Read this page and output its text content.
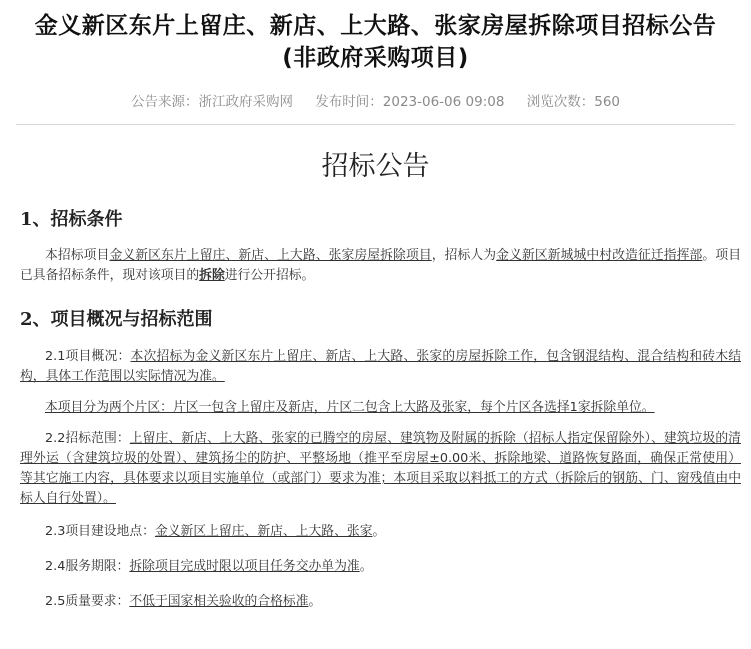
金义新区东片上留庄、新店、上大路、张家房屋拆除项目招标公告
(非政府采购项目)
公告来源：浙江政府采购网 发布时间：2023-06-06 09:08 浏览次数：560
招标公告
1、招标条件

本招标项目金义新区东片上留庄、新店、上大路、张家房屋拆除项目，招标人为金义新区新城城中村改造征迁指挥部。项目已具备招标条件，现对该项目的拆除进行公开招标。

2、项目概况与招标范围

2.1项目概况：本次招标为金义新区东片上留庄、新店、上大路、张家的房屋拆除工作，包含钢混结构、混合结构和砖木结构，具体工作范围以实际情况为准。

本项目分为两个片区：片区一包含上留庄及新店，片区二包含上大路及张家，每个片区各选择1家拆除单位。

2.2招标范围：上留庄、新店、上大路、张家的已腾空的房屋、建筑物及附属的拆除（招标人指定保留除外）、建筑垃圾的清理外运（含建筑垃圾的处置）、建筑扬尘的防护、平整场地（推平至房屋±0.00米、拆除地梁、道路恢复路面，确保正常使用）等其它施工内容，具体要求以项目实施单位（或部门）要求为准；本项目采取以料抵工的方式（拆除后的钢筋、门、窗残值由中标人自行处置）。

2.3项目建设地点：金义新区上留庄、新店、上大路、张家。

2.4服务期限：拆除项目完成时限以项目任务交办单为准。

2.5质量要求：不低于国家相关验收的合格标准。
